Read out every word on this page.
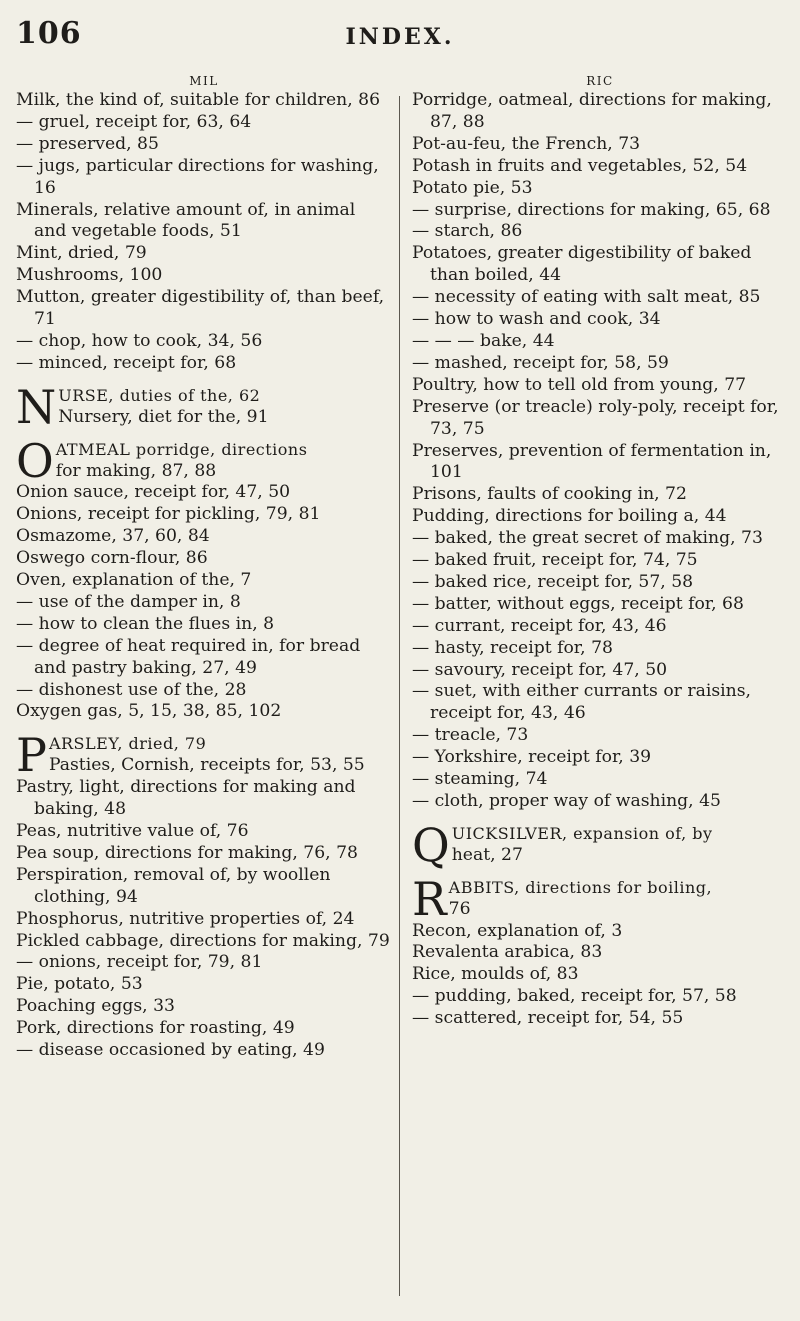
106	INDEX.
MIL
Milk, the kind of, suitable for children, 86
— gruel, receipt for, 63, 64
— preserved, 85
— jugs, particular directions for washing, 16
Minerals, relative amount of, in animal and vegetable foods, 51
Mint, dried, 79
Mushrooms, 100
Mutton, greater digestibility of, than beef, 71
— chop, how to cook, 34, 56
— minced, receipt for, 68
N URSE, duties of the, 62
Nursery, diet for the, 91
O ATMEAL porridge, directions
for making, 87, 88
Onion sauce, receipt for, 47, 50
Onions, receipt for pickling, 79, 81
Osmazome, 37, 60, 84
Oswego corn-flour, 86
Oven, explanation of the, 7
— use of the damper in, 8
— how to clean the flues in, 8
— degree of heat required in, for bread and pastry baking, 27, 49
— dishonest use of the, 28
Oxygen gas, 5, 15, 38, 85, 102
P ARSLEY, dried, 79
Pasties, Cornish, receipts for, 53, 55
Pastry, light, directions for making and baking, 48
Peas, nutritive value of, 76
Pea soup, directions for making, 76, 78
Perspiration, removal of, by woollen clothing, 94
Phosphorus, nutritive properties of, 24
Pickled cabbage, directions for making, 79
— onions, receipt for, 79, 81
Pie, potato, 53
Poaching eggs, 33
Pork, directions for roasting, 49
— disease occasioned by eating, 49
RIC
Porridge, oatmeal, directions for making, 87, 88
Pot-au-feu, the French, 73
Potash in fruits and vegetables, 52, 54
Potato pie, 53
— surprise, directions for making, 65, 68
— starch, 86
Potatoes, greater digestibility of baked than boiled, 44
— necessity of eating with salt meat, 85
— how to wash and cook, 34
— — — bake, 44
— mashed, receipt for, 58, 59
Poultry, how to tell old from young, 77
Preserve (or treacle) roly-poly, receipt for, 73, 75
Preserves, prevention of fermentation in, 101
Prisons, faults of cooking in, 72
Pudding, directions for boiling a, 44
— baked, the great secret of making, 73
— baked fruit, receipt for, 74, 75
— baked rice, receipt for, 57, 58
— batter, without eggs, receipt for, 68
— currant, receipt for, 43, 46
— hasty, receipt for, 78
— savoury, receipt for, 47, 50
— suet, with either currants or raisins, receipt for, 43, 46
— treacle, 73
— Yorkshire, receipt for, 39
— steaming, 74
— cloth, proper way of washing, 45
Q UICKSILVER, expansion of, by
heat, 27
R ABBITS, directions for boiling,
76
Recon, explanation of, 3
Revalenta arabica, 83
Rice, moulds of, 83
— pudding, baked, receipt for, 57, 58
— scattered, receipt for, 54, 55
